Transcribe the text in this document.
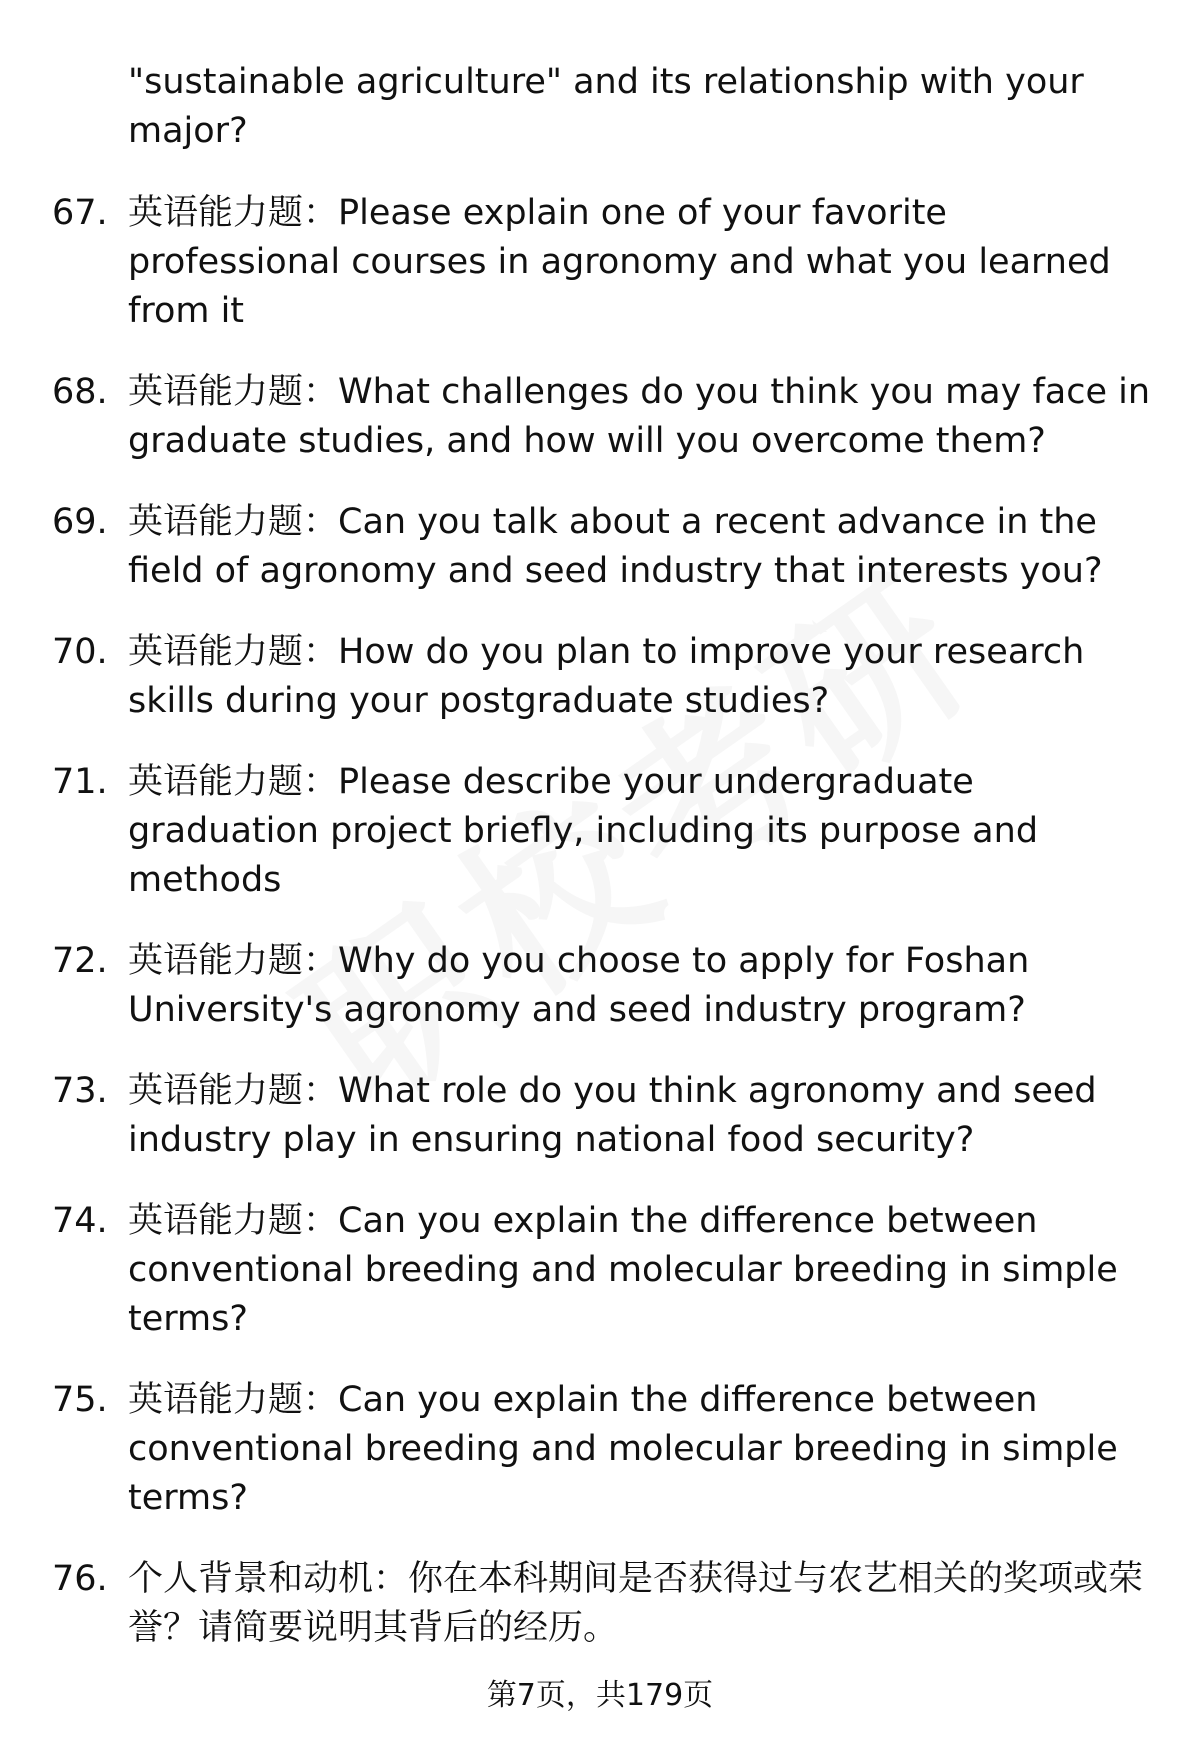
"sustainable agriculture" and its relationship with your major?
67. 英语能力题：Please explain one of your favorite professional courses in agronomy and what you learned from it
68. 英语能力题：What challenges do you think you may face in graduate studies, and how will you overcome them?
69. 英语能力题：Can you talk about a recent advance in the field of agronomy and seed industry that interests you?
70. 英语能力题：How do you plan to improve your research skills during your postgraduate studies?
71. 英语能力题：Please describe your undergraduate graduation project briefly, including its purpose and methods
72. 英语能力题：Why do you choose to apply for Foshan University's agronomy and seed industry program?
73. 英语能力题：What role do you think agronomy and seed industry play in ensuring national food security?
74. 英语能力题：Can you explain the difference between conventional breeding and molecular breeding in simple terms?
75. 英语能力题：Can you explain the difference between conventional breeding and molecular breeding in simple terms?
76. 个人背景和动机：你在本科期间是否获得过与农艺相关的奖项或荣誉？请简要说明其背后的经历。
第7页，共179页
